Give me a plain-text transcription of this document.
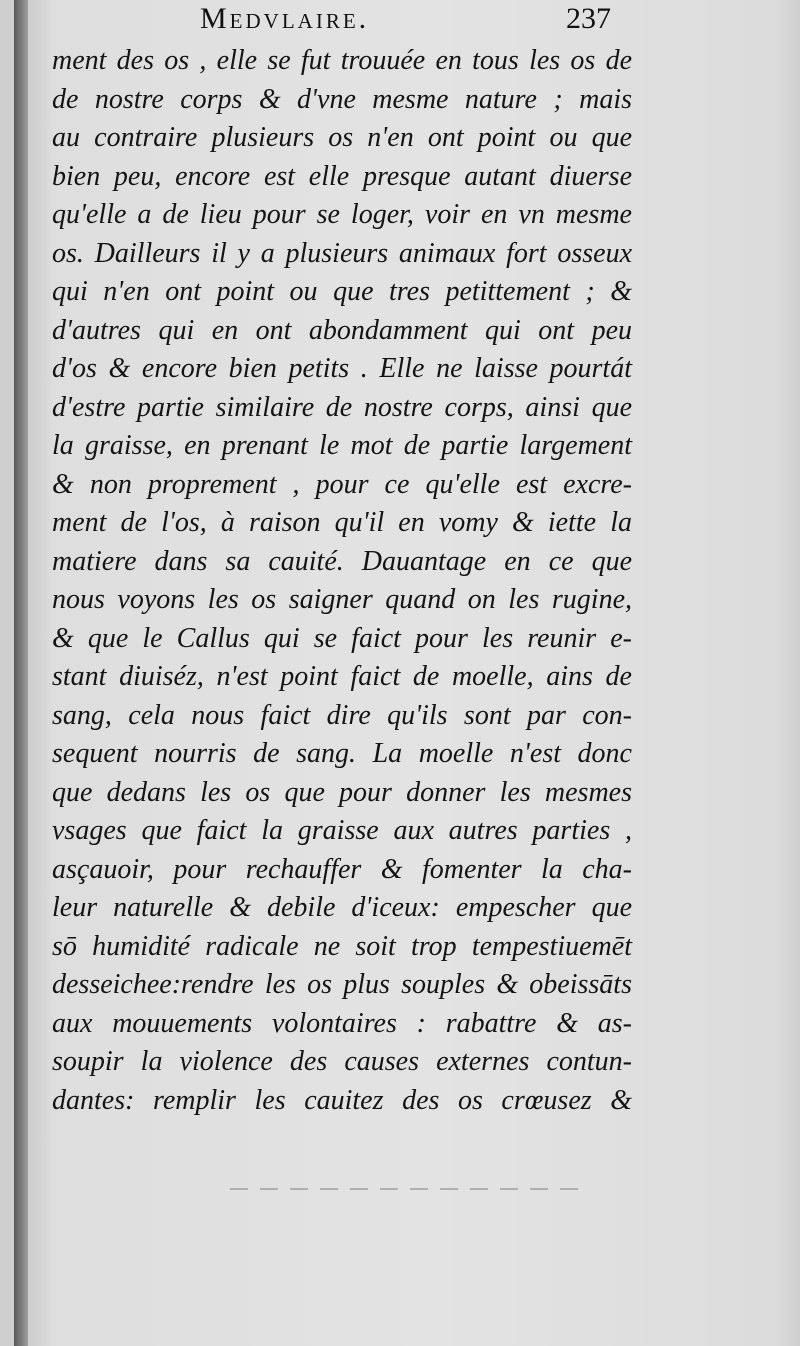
Medvlaire.	237
ment des os , elle se fut trouuée en tous les os de
de nostre corps & d'vne mesme nature ; mais
au contraire plusieurs os n'en ont point ou que
bien peu, encore est elle presque autant diuerse
qu'elle a de lieu pour se loger, voir en vn mesme
os. Dailleurs il y a plusieurs animaux fort osseux
qui n'en ont point ou que tres petittement ; &
d'autres qui en ont abondamment qui ont peu
d'os & encore bien petits . Elle ne laisse pourtát
d'estre partie similaire de nostre corps, ainsi que
la graisse, en prenant le mot de partie largement
& non proprement , pour ce qu'elle est excre-
ment de l'os, à raison qu'il en vomy & iette la
matiere dans sa cauité. Dauantage en ce que
nous voyons les os saigner quand on les rugine,
& que le Callus qui se faict pour les reunir e-
stant diuiséz, n'est point faict de moelle, ains de
sang, cela nous faict dire qu'ils sont par con-
sequent nourris de sang. La moelle n'est donc
que dedans les os que pour donner les mesmes
vsages que faict la graisse aux autres parties ,
asçauoir, pour rechauffer & fomenter la cha-
leur naturelle & debile d'iceux: empescher que
sō humidité radicale ne soit trop tempestiuemēt
desseichee:rendre les os plus souples & obeissāts
aux mouuements volontaires : rabattre & as-
soupir la violence des causes externes contun-
dantes: remplir les cauitez des os crœusez &
